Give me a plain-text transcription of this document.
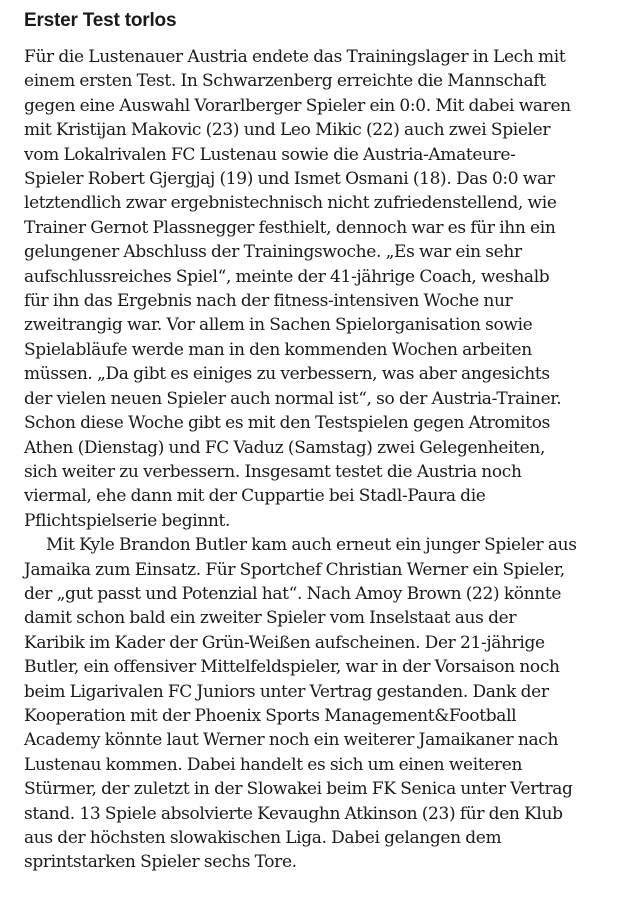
Erster Test torlos

Für die Lustenauer Austria endete das Trainingslager in Lech mit
einem ersten Test. In Schwarzenberg erreichte die Mannschaft
gegen eine Auswahl Vorarlberger Spieler ein 0:0. Mit dabei waren
mit Kristijan Makovic (23) und Leo Mikic (22) auch zwei Spieler
vom Lokalrivalen FC Lustenau sowie die Austria-Amateure-
Spieler Robert Gjergjaj (19) und Ismet Osmani (18). Das 0:0 war
letztendlich zwar ergebnistechnisch nicht zufriedenstellend, wie
Trainer Gernot Plassnegger festhielt, dennoch war es für ihn ein
gelungener Abschluss der Trainingswoche. „Es war ein sehr
aufschlussreiches Spiel“, meinte der 41-jährige Coach, weshalb
für ihn das Ergebnis nach der fitness-intensiven Woche nur
zweitrangig war. Vor allem in Sachen Spielorganisation sowie
Spielabläufe werde man in den kommenden Wochen arbeiten
müssen. „Da gibt es einiges zu verbessern, was aber angesichts
der vielen neuen Spieler auch normal ist“, so der Austria-Trainer.
Schon diese Woche gibt es mit den Testspielen gegen Atromitos
Athen (Dienstag) und FC Vaduz (Samstag) zwei Gelegenheiten,
sich weiter zu verbessern. Insgesamt testet die Austria noch
viermal, ehe dann mit der Cuppartie bei Stadl-Paura die
Pflichtspielserie beginnt.

Mit Kyle Brandon Butler kam auch erneut ein junger Spieler aus
Jamaika zum Einsatz. Für Sportchef Christian Werner ein Spieler,
der „gut passt und Potenzial hat“. Nach Amoy Brown (22) könnte
damit schon bald ein zweiter Spieler vom Inselstaat aus der
Karibik im Kader der Grün-Weißen aufscheinen. Der 21-jährige
Butler, ein offensiver Mittelfeldspieler, war in der Vorsaison noch
beim Ligarivalen FC Juniors unter Vertrag gestanden. Dank der
Kooperation mit der Phoenix Sports Management&Football
Academy könnte laut Werner noch ein weiterer Jamaikaner nach
Lustenau kommen. Dabei handelt es sich um einen weiteren
Stürmer, der zuletzt in der Slowakei beim FK Senica unter Vertrag
stand. 13 Spiele absolvierte Kevaughn Atkinson (23) für den Klub
aus der höchsten slowakischen Liga. Dabei gelangen dem
sprintstarken Spieler sechs Tore.
